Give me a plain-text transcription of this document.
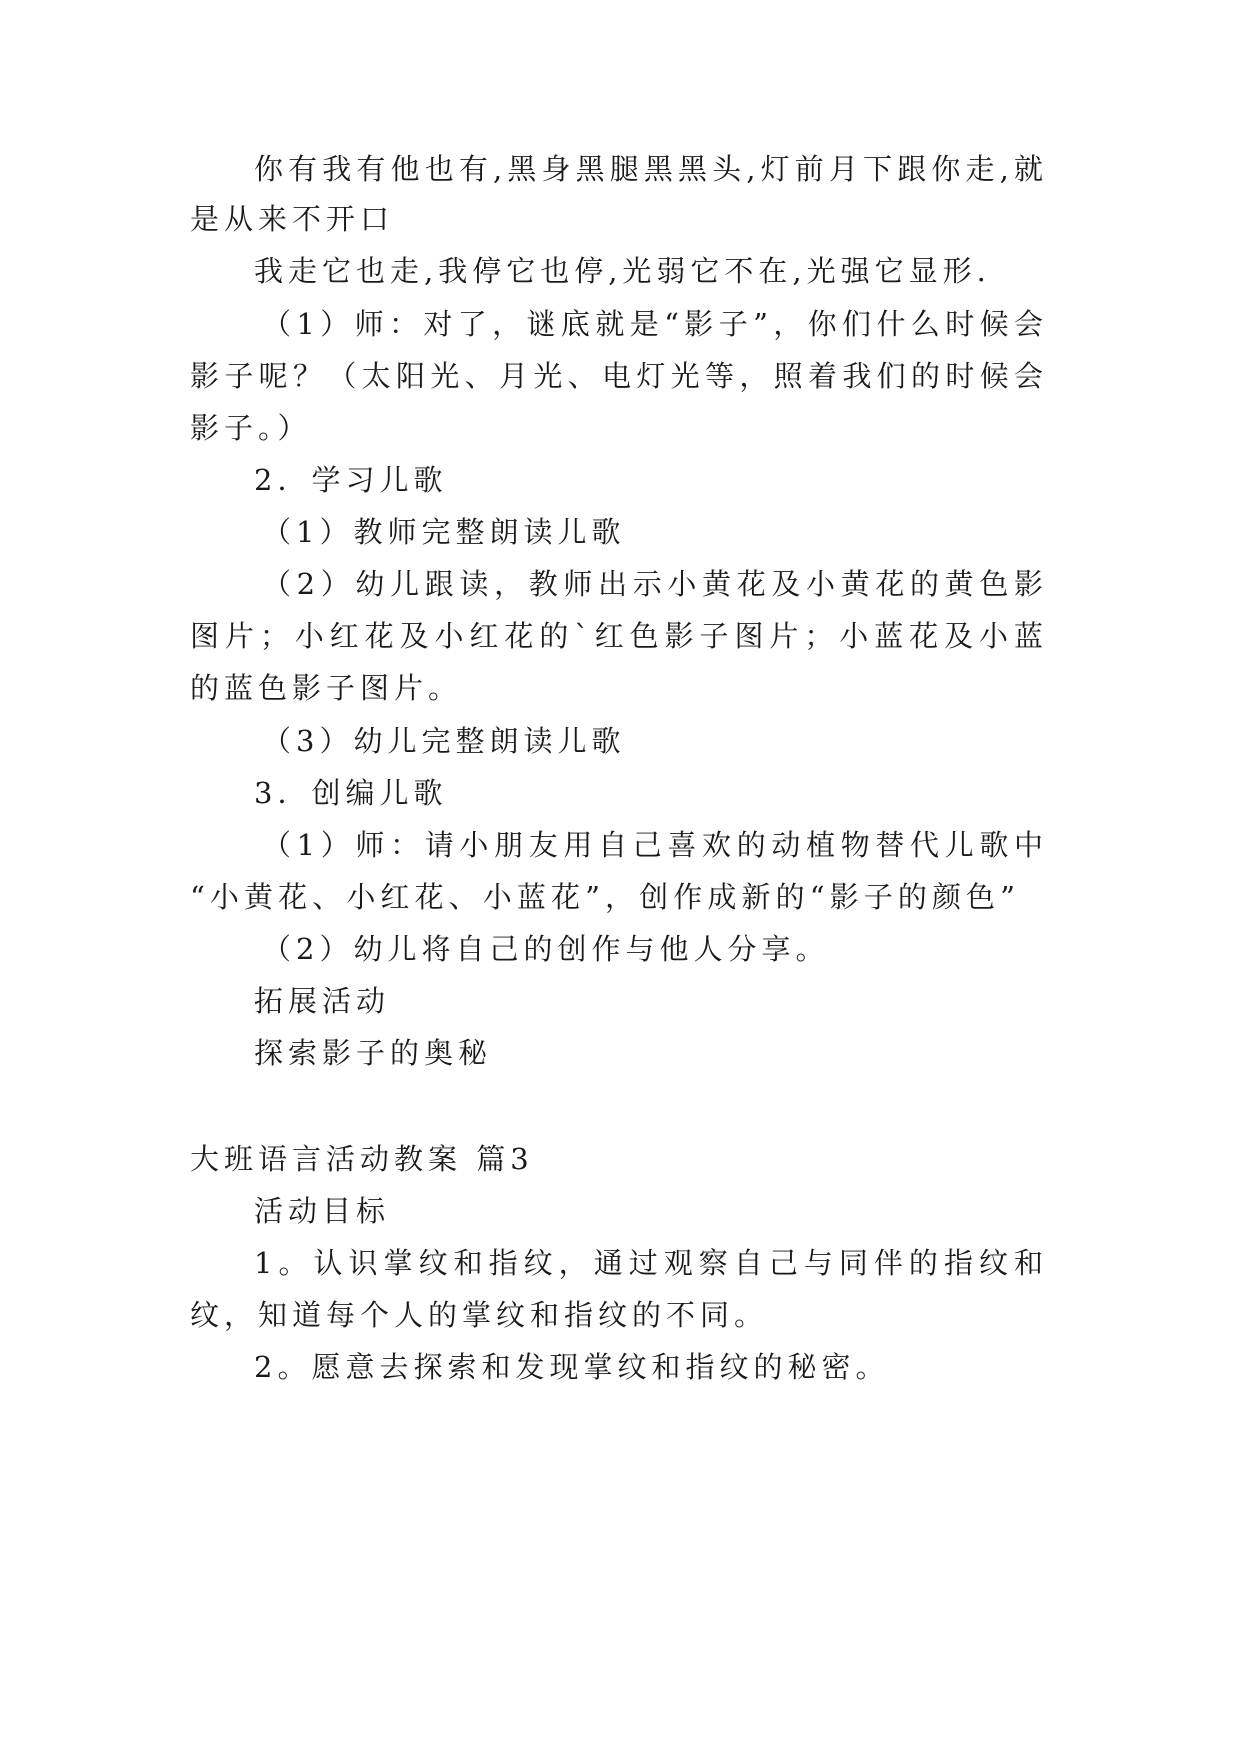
你有我有他也有,黑身黑腿黑黑头,灯前月下跟你走,就
是从来不开口
我走它也走,我停它也停,光弱它不在,光强它显形.
（1）师：对了，谜底就是“影子”，你们什么时候会
影子呢？（太阳光、月光、电灯光等，照着我们的时候会
影子。）
2．学习儿歌
（1）教师完整朗读儿歌
（2）幼儿跟读，教师出示小黄花及小黄花的黄色影
图片；小红花及小红花的`红色影子图片；小蓝花及小蓝
的蓝色影子图片。
（3）幼儿完整朗读儿歌
3．创编儿歌
（1）师：请小朋友用自己喜欢的动植物替代儿歌中
“小黄花、小红花、小蓝花”，创作成新的“影子的颜色”
（2）幼儿将自己的创作与他人分享。
拓展活动
探索影子的奥秘
大班语言活动教案 篇3
活动目标
1。认识掌纹和指纹，通过观察自己与同伴的指纹和
纹，知道每个人的掌纹和指纹的不同。
2。愿意去探索和发现掌纹和指纹的秘密。
